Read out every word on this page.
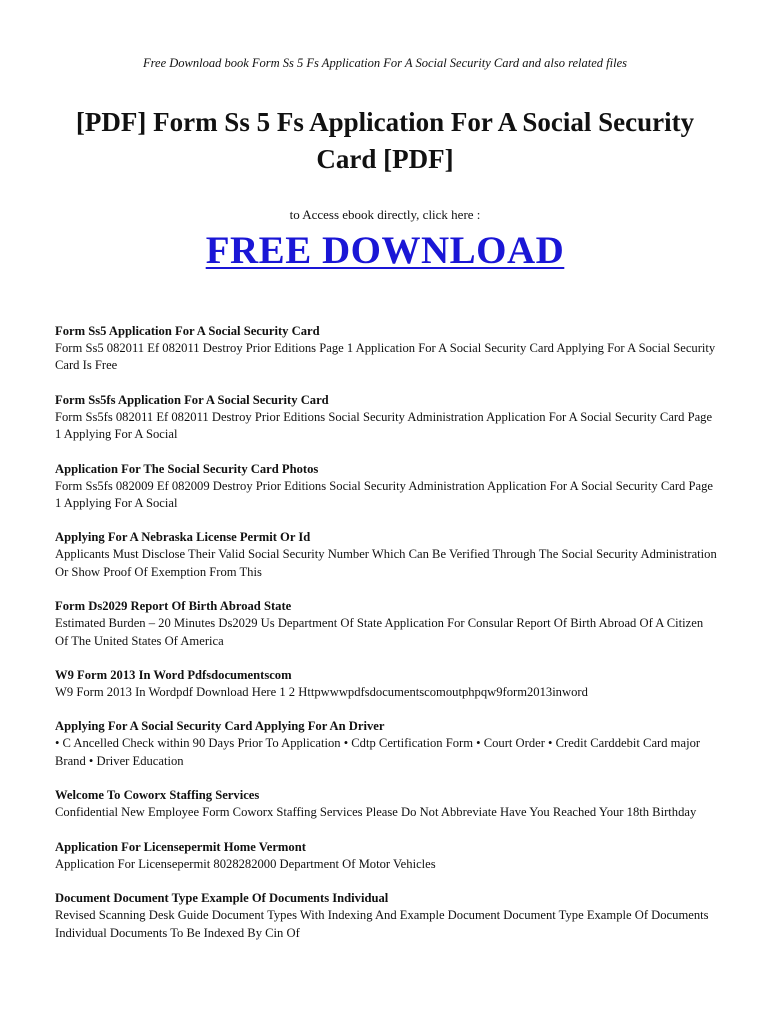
Free Download book Form Ss 5 Fs Application For A Social Security Card and also related files
[PDF] Form Ss 5 Fs Application For A Social Security Card [PDF]
to Access ebook directly, click here :
FREE DOWNLOAD
Form Ss5 Application For A Social Security Card
Form Ss5 082011 Ef 082011 Destroy Prior Editions Page 1 Application For A Social Security Card Applying For A Social Security Card Is Free
Form Ss5fs Application For A Social Security Card
Form Ss5fs 082011 Ef 082011 Destroy Prior Editions Social Security Administration Application For A Social Security Card Page 1 Applying For A Social
Application For The Social Security Card Photos
Form Ss5fs 082009 Ef 082009 Destroy Prior Editions Social Security Administration Application For A Social Security Card Page 1 Applying For A Social
Applying For A Nebraska License Permit Or Id
Applicants Must Disclose Their Valid Social Security Number Which Can Be Verified Through The Social Security Administration Or Show Proof Of Exemption From This
Form Ds2029 Report Of Birth Abroad State
Estimated Burden – 20 Minutes Ds2029 Us Department Of State Application For Consular Report Of Birth Abroad Of A Citizen Of The United States Of America
W9 Form 2013 In Word Pdfsdocumentscom
W9 Form 2013 In Wordpdf Download Here 1 2 Httpwwwpdfsdocumentscomoutphpqw9form2013inword
Applying For A Social Security Card Applying For An Driver
• C Ancelled Check within 90 Days Prior To Application • Cdtp Certification Form • Court Order • Credit Carddebit Card major Brand • Driver Education
Welcome To Coworx Staffing Services
Confidential New Employee Form Coworx Staffing Services Please Do Not Abbreviate Have You Reached Your 18th Birthday
Application For Licensepermit Home Vermont
Application For Licensepermit 8028282000 Department Of Motor Vehicles
Document Document Type Example Of Documents Individual
Revised Scanning Desk Guide Document Types With Indexing And Example Document Document Type Example Of Documents Individual Documents To Be Indexed By Cin Of
